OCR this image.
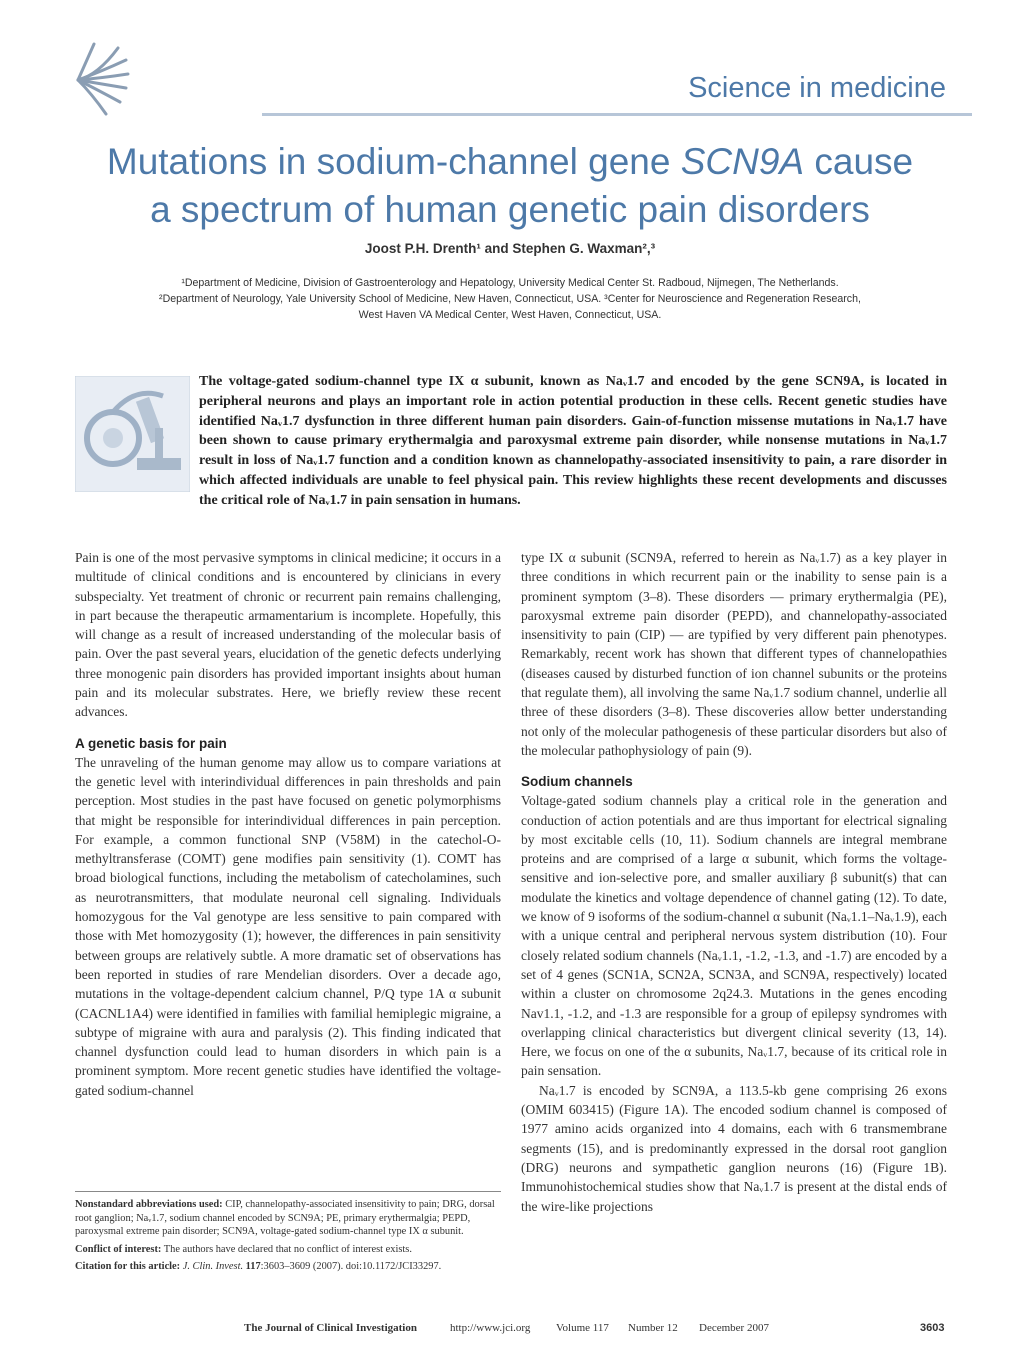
Science in medicine
Mutations in sodium-channel gene SCN9A cause
a spectrum of human genetic pain disorders
Joost P.H. Drenth¹ and Stephen G. Waxman²,³
¹Department of Medicine, Division of Gastroenterology and Hepatology, University Medical Center St. Radboud, Nijmegen, The Netherlands.
²Department of Neurology, Yale University School of Medicine, New Haven, Connecticut, USA. ³Center for Neuroscience and Regeneration Research,
West Haven VA Medical Center, West Haven, Connecticut, USA.
The voltage-gated sodium-channel type IX α subunit, known as Naᵥ1.7 and encoded by the gene SCN9A, is located in peripheral neurons and plays an important role in action potential production in these cells. Recent genetic studies have identified Naᵥ1.7 dysfunction in three different human pain disorders. Gain-of-function missense mutations in Naᵥ1.7 have been shown to cause primary erythermalgia and paroxysmal extreme pain disorder, while nonsense mutations in Naᵥ1.7 result in loss of Naᵥ1.7 function and a condition known as channelopathy-associated insensitivity to pain, a rare disorder in which affected individuals are unable to feel physical pain. This review highlights these recent developments and discusses the critical role of Naᵥ1.7 in pain sensation in humans.

Pain is one of the most pervasive symptoms in clinical medicine; it occurs in a multitude of clinical conditions and is encountered by clinicians in every subspecialty. Yet treatment of chronic or recurrent pain remains challenging, in part because the therapeutic armamentarium is incomplete. Hopefully, this will change as a result of increased understanding of the molecular basis of pain. Over the past several years, elucidation of the genetic defects underlying three monogenic pain disorders has provided important insights about human pain and its molecular substrates. Here, we briefly review these recent advances.

A genetic basis for pain

The unraveling of the human genome may allow us to compare variations at the genetic level with interindividual differences in pain thresholds and pain perception. Most studies in the past have focused on genetic polymorphisms that might be responsible for interindividual differences in pain perception. For example, a common functional SNP (V58M) in the catechol-O-methyltransferase (COMT) gene modifies pain sensitivity (1). COMT has broad biological functions, including the metabolism of catecholamines, such as neurotransmitters, that modulate neuronal cell signaling. Individuals homozygous for the Val genotype are less sensitive to pain compared with those with Met homozygosity (1); however, the differences in pain sensitivity between groups are relatively subtle. A more dramatic set of observations has been reported in studies of rare Mendelian disorders. Over a decade ago, mutations in the voltage-dependent calcium channel, P/Q type 1A α subunit (CACNL1A4) were identified in families with familial hemiplegic migraine, a subtype of migraine with aura and paralysis (2). This finding indicated that channel dysfunction could lead to human disorders in which pain is a prominent symptom. More recent genetic studies have identified the voltage-gated sodium-channel

type IX α subunit (SCN9A, referred to herein as Naᵥ1.7) as a key player in three conditions in which recurrent pain or the inability to sense pain is a prominent symptom (3–8). These disorders — primary erythermalgia (PE), paroxysmal extreme pain disorder (PEPD), and channelopathy-associated insensitivity to pain (CIP) — are typified by very different pain phenotypes. Remarkably, recent work has shown that different types of channelopathies (diseases caused by disturbed function of ion channel subunits or the proteins that regulate them), all involving the same Naᵥ1.7 sodium channel, underlie all three of these disorders (3–8). These discoveries allow better understanding not only of the molecular pathogenesis of these particular disorders but also of the molecular pathophysiology of pain (9).

Sodium channels

Voltage-gated sodium channels play a critical role in the generation and conduction of action potentials and are thus important for electrical signaling by most excitable cells (10, 11). Sodium channels are integral membrane proteins and are comprised of a large α subunit, which forms the voltage-sensitive and ion-selective pore, and smaller auxiliary β subunit(s) that can modulate the kinetics and voltage dependence of channel gating (12). To date, we know of 9 isoforms of the sodium-channel α subunit (Naᵥ1.1–Naᵥ1.9), each with a unique central and peripheral nervous system distribution (10). Four closely related sodium channels (Naᵥ1.1, -1.2, -1.3, and -1.7) are encoded by a set of 4 genes (SCN1A, SCN2A, SCN3A, and SCN9A, respectively) located within a cluster on chromosome 2q24.3. Mutations in the genes encoding Nav1.1, -1.2, and -1.3 are responsible for a group of epilepsy syndromes with overlapping clinical characteristics but divergent clinical severity (13, 14). Here, we focus on one of the α subunits, Naᵥ1.7, because of its critical role in pain sensation.

Naᵥ1.7 is encoded by SCN9A, a 113.5-kb gene comprising 26 exons (OMIM 603415) (Figure 1A). The encoded sodium channel is composed of 1977 amino acids organized into 4 domains, each with 6 transmembrane segments (15), and is predominantly expressed in the dorsal root ganglion (DRG) neurons and sympathetic ganglion neurons (16) (Figure 1B). Immunohistochemical studies show that Naᵥ1.7 is present at the distal ends of the wire-like projections

Nonstandard abbreviations used: CIP, channelopathy-associated insensitivity to pain; DRG, dorsal root ganglion; Naᵥ1.7, sodium channel encoded by SCN9A; PE, primary erythermalgia; PEPD, paroxysmal extreme pain disorder; SCN9A, voltage-gated sodium-channel type IX α subunit.

Conflict of interest: The authors have declared that no conflict of interest exists.

Citation for this article: J. Clin. Invest. 117:3603–3609 (2007). doi:10.1172/JCI33297.

The Journal of Clinical Investigation	http://www.jci.org Volume 117 Number 12 December 2007	3603
